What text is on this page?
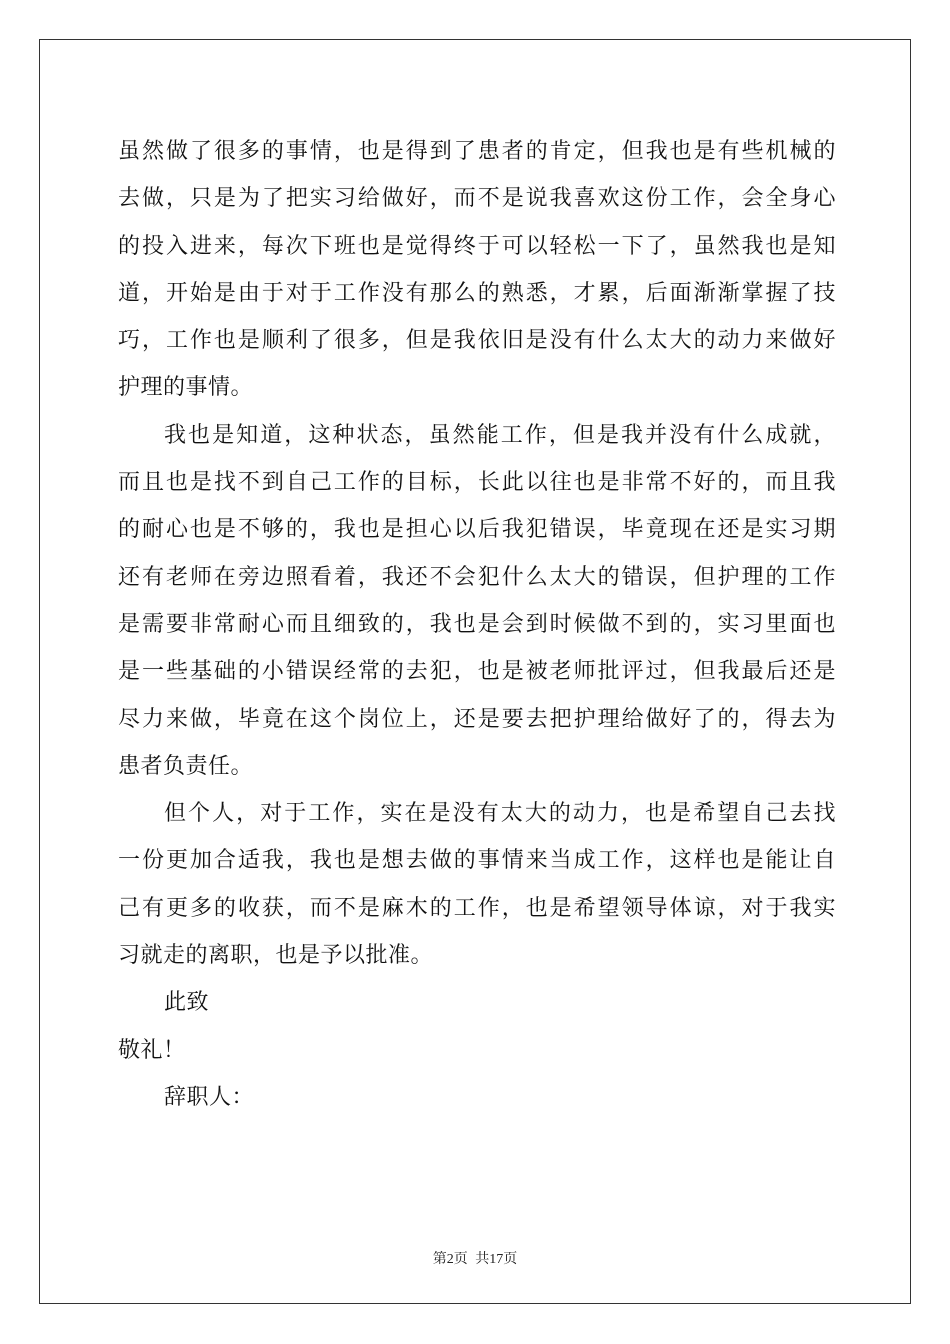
虽然做了很多的事情，也是得到了患者的肯定，但我也是有些机械的
去做，只是为了把实习给做好，而不是说我喜欢这份工作，会全身心
的投入进来，每次下班也是觉得终于可以轻松一下了，虽然我也是知
道，开始是由于对于工作没有那么的熟悉，才累，后面渐渐掌握了技
巧，工作也是顺利了很多，但是我依旧是没有什么太大的动力来做好
护理的事情。
我也是知道，这种状态，虽然能工作，但是我并没有什么成就，
而且也是找不到自己工作的目标，长此以往也是非常不好的，而且我
的耐心也是不够的，我也是担心以后我犯错误，毕竟现在还是实习期
还有老师在旁边照看着，我还不会犯什么太大的错误，但护理的工作
是需要非常耐心而且细致的，我也是会到时候做不到的，实习里面也
是一些基础的小错误经常的去犯，也是被老师批评过，但我最后还是
尽力来做，毕竟在这个岗位上，还是要去把护理给做好了的，得去为
患者负责任。
但个人，对于工作，实在是没有太大的动力，也是希望自己去找
一份更加合适我，我也是想去做的事情来当成工作，这样也是能让自
己有更多的收获，而不是麻木的工作，也是希望领导体谅，对于我实
习就走的离职，也是予以批准。
此致
敬礼！
辞职人：
第2页 共17页
